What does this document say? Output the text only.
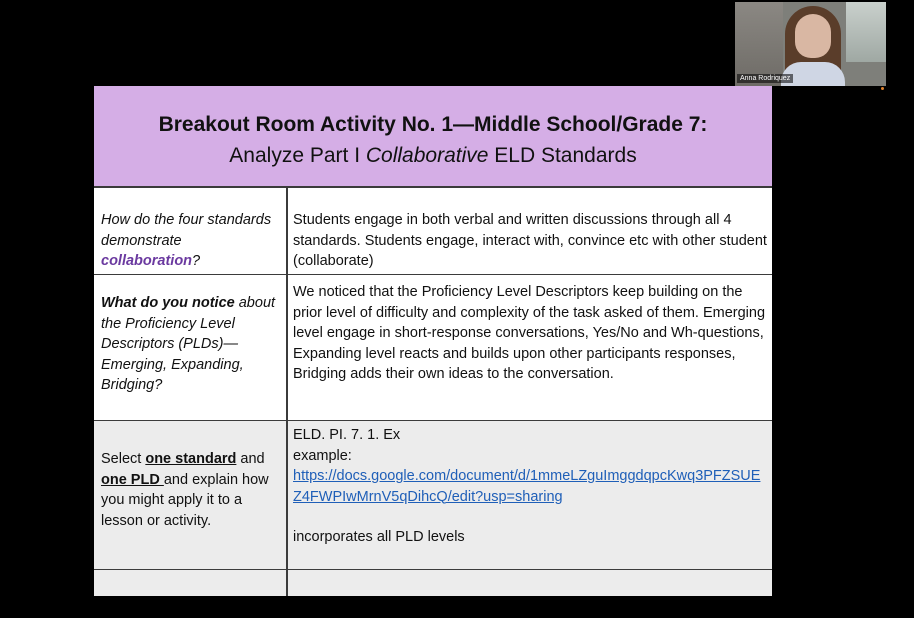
Anna Rodriquez
Breakout Room Activity No. 1—Middle School/Grade 7:
Analyze Part I Collaborative ELD Standards
How do the four standards demonstrate collaboration?
Students engage in both verbal and written discussions through all 4 standards. Students engage, interact with, convince etc with other student (collaborate)
What do you notice about the Proficiency Level Descriptors (PLDs)—Emerging, Expanding, Bridging?
We noticed that the Proficiency Level Descriptors keep building on the prior level of difficulty and complexity of the task asked of them. Emerging level engage in short-response conversations, Yes/No and Wh-questions, Expanding level reacts and builds upon other participants responses, Bridging adds their own ideas to the conversation.
Select one standard and one PLD and explain how you might apply it to a lesson or activity.
ELD. PI. 7. 1. Ex
example:
https://docs.google.com/document/d/1mmeLZguImggdqpcKwq3PFZSUEZ4FWPIwMrnV5qDihcQ/edit?usp=sharing
incorporates all PLD levels
